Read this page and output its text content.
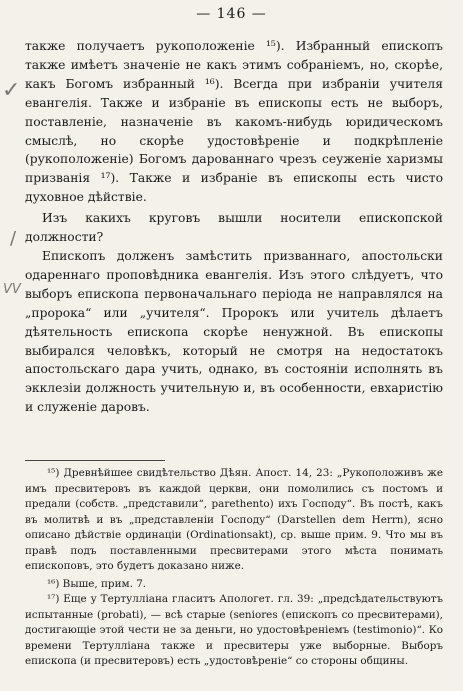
— 146 —
✓
/
VV

также получаетъ рукоположеніе ¹⁵). Избранный епископъ также имѣетъ значеніе не какъ этимъ собраніемъ, но, скорѣе, какъ Богомъ избранный ¹⁶). Всегда при избраніи учителя евангелія. Также и избраніе въ епископы есть не выборъ, поставленіе, назначеніе въ какомъ-нибудь юридическомъ смыслѣ, но скорѣе удостовѣреніе и подкрѣпленіе (рукоположеніе) Богомъ дарованнаго чрезъ сеуженіе харизмы призванія ¹⁷). Также и избраніе въ епископы есть чисто духовное дѣйствіе.

Изъ какихъ круговъ вышли носители епископской должности?

Епископъ долженъ замѣстить призваннаго, апостольски одареннаго проповѣдника евангелія. Изъ этого слѣдуетъ, что выборъ епископа первоначальнаго періода не направлялся на „пророка“ или „учителя“. Пророкъ или учитель дѣлаетъ дѣятельность епископа скорѣе ненужной. Въ епископы выбирался человѣкъ, который не смотря на недостатокъ апостольскаго дара учить, однако, въ состояніи исполнять въ экклезіи должность учительную и, въ особенности, евхаристію и служеніе даровъ.

¹⁵) Древнѣйшее свидѣтельство Дѣян. Апост. 14, 23: „Рукоположивъ же имъ пресвитеровъ въ каждой церкви, они помолились съ постомъ и предали (собств. „представили“, parethento) ихъ Господу“. Въ постѣ, какъ въ молитвѣ и въ „представленіи Господу“ (Darstellen dem Herrn), ясно описано дѣйствіе ординаціи (Ordinationsakt), ср. выше прим. 9. Что мы въ правѣ подъ поставленными пресвитерами этого мѣста понимать епископовъ, это будетъ доказано ниже.

¹⁶) Выше, прим. 7.

¹⁷) Еще у Тертулліана гласитъ Апологет. гл. 39: „предсѣдательствуютъ испытанные (probati), — всѣ старые (seniores (епископъ со пресвитерами), достигающіе этой чести не за деньги, но удостовѣреніемъ (testimonio)“. Ко времени Тертулліана также и пресвитеры уже выборные. Выборъ епископа (и пресвитеровъ) есть „удостовѣреніе“ со стороны общины.
